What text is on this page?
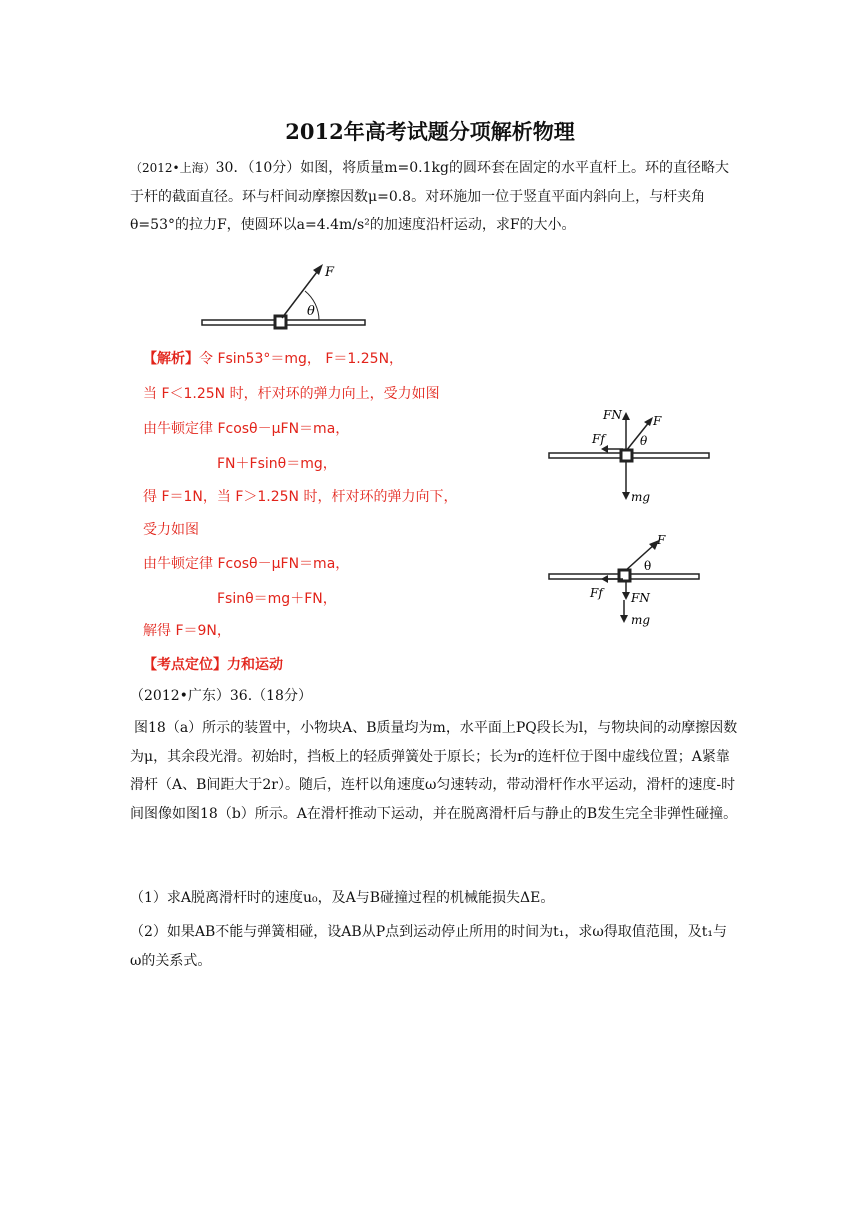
2012年高考试题分项解析物理

（2012•上海）30．（10分）如图，将质量m=0.1kg的圆环套在固定的水平直杆上。环的直径略大于杆的截面直径。环与杆间动摩擦因数μ=0.8。对环施加一位于竖直平面内斜向上，与杆夹角θ=53°的拉力F，使圆环以a=4.4m/s²的加速度沿杆运动，求F的大小。

F
θ

【解析】令 Fsin53°＝mg， F＝1.25N，

当 F＜1.25N 时，杆对环的弹力向上，受力如图

由牛顿定律 Fcosθ－μFN＝ma，

FN＋Fsinθ＝mg，

得 F＝1N，当 F＞1.25N 时，杆对环的弹力向下，

受力如图

由牛顿定律 Fcosθ－μFN＝ma，

Fsinθ＝mg＋FN，

解得 F＝9N，

【考点定位】力和运动

FN	F
Ff	θ
mg
F
θ
Ff FN
mg

（2012•广东）36.（18分）

图18（a）所示的装置中，小物块A、B质量均为m，水平面上PQ段长为l，与物块间的动摩擦因数为μ，其余段光滑。初始时，挡板上的轻质弹簧处于原长；长为r的连杆位于图中虚线位置；A紧靠滑杆（A、B间距大于2r）。随后，连杆以角速度ω匀速转动，带动滑杆作水平运动，滑杆的速度-时间图像如图18（b）所示。A在滑杆推动下运动，并在脱离滑杆后与静止的B发生完全非弹性碰撞。

（1）求A脱离滑杆时的速度u₀，及A与B碰撞过程的机械能损失ΔE。

（2）如果AB不能与弹簧相碰，设AB从P点到运动停止所用的时间为t₁，求ω得取值范围，及t₁与ω的关系式。
